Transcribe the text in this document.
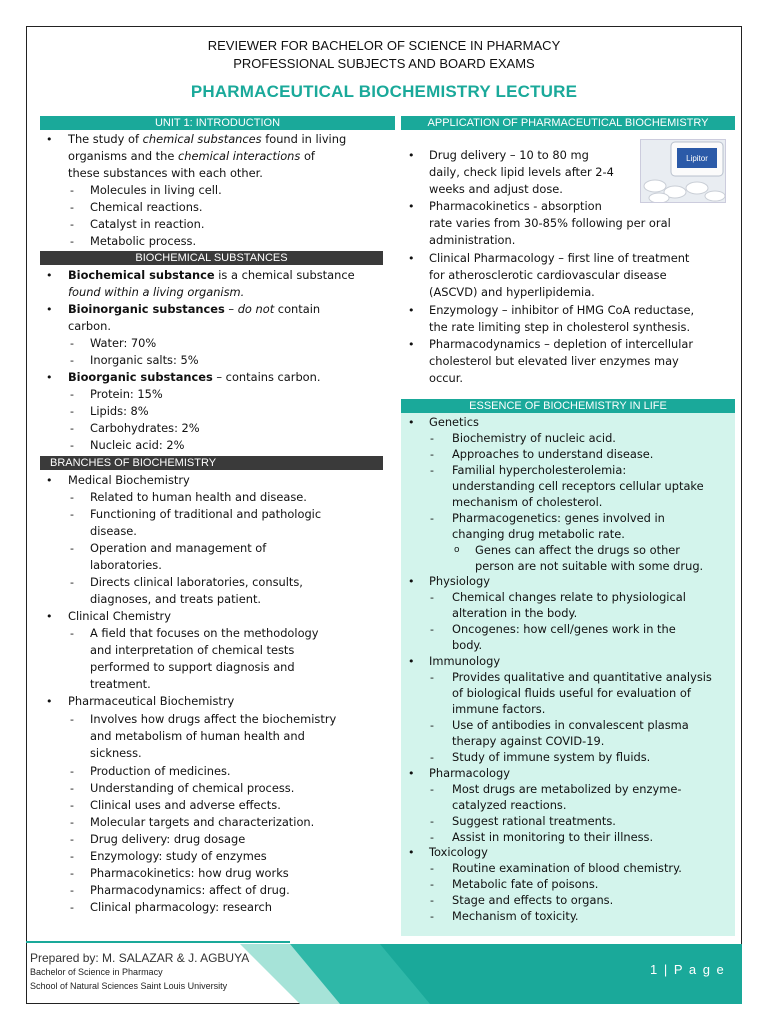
REVIEWER FOR BACHELOR OF SCIENCE IN PHARMACY
PROFESSIONAL SUBJECTS AND BOARD EXAMS
PHARMACEUTICAL BIOCHEMISTRY LECTURE
UNIT 1: INTRODUCTION
• The study of chemical substances found in living
organisms and the chemical interactions of
these substances with each other.
- Molecules in living cell.
- Chemical reactions.
- Catalyst in reaction.
- Metabolic process.
BIOCHEMICAL SUBSTANCES
• Biochemical substance is a chemical substance
found within a living organism.
• Bioinorganic substances – do not contain
carbon.
- Water: 70%
- Inorganic salts: 5%
• Bioorganic substances – contains carbon.
- Protein: 15%
- Lipids: 8%
- Carbohydrates: 2%
- Nucleic acid: 2%
BRANCHES OF BIOCHEMISTRY
• Medical Biochemistry
- Related to human health and disease.
- Functioning of traditional and pathologic
disease.
- Operation and management of
laboratories.
- Directs clinical laboratories, consults,
diagnoses, and treats patient.
• Clinical Chemistry
- A field that focuses on the methodology
and interpretation of chemical tests
performed to support diagnosis and
treatment.
• Pharmaceutical Biochemistry
- Involves how drugs affect the biochemistry
and metabolism of human health and
sickness.
- Production of medicines.
- Understanding of chemical process.
- Clinical uses and adverse effects.
- Molecular targets and characterization.
- Drug delivery: drug dosage
- Enzymology: study of enzymes
- Pharmacokinetics: how drug works
- Pharmacodynamics: affect of drug.
- Clinical pharmacology: research
APPLICATION OF PHARMACEUTICAL BIOCHEMISTRY
Lipitor
• Drug delivery – 10 to 80 mg
daily, check lipid levels after 2-4
weeks and adjust dose.
• Pharmacokinetics - absorption
rate varies from 30-85% following per oral
administration.
• Clinical Pharmacology – first line of treatment
for atherosclerotic cardiovascular disease
(ASCVD) and hyperlipidemia.
• Enzymology – inhibitor of HMG CoA reductase,
the rate limiting step in cholesterol synthesis.
• Pharmacodynamics – depletion of intercellular
cholesterol but elevated liver enzymes may
occur.
ESSENCE OF BIOCHEMISTRY IN LIFE
• Genetics
- Biochemistry of nucleic acid.
- Approaches to understand disease.
- Familial hypercholesterolemia:
understanding cell receptors cellular uptake
mechanism of cholesterol.
- Pharmacogenetics: genes involved in
changing drug metabolic rate.
o Genes can affect the drugs so other
person are not suitable with some drug.
• Physiology
- Chemical changes relate to physiological
alteration in the body.
- Oncogenes: how cell/genes work in the
body.
• Immunology
- Provides qualitative and quantitative analysis
of biological fluids useful for evaluation of
immune factors.
- Use of antibodies in convalescent plasma
therapy against COVID-19.
- Study of immune system by fluids.
• Pharmacology
- Most drugs are metabolized by enzyme-
catalyzed reactions.
- Suggest rational treatments.
- Assist in monitoring to their illness.
• Toxicology
- Routine examination of blood chemistry.
- Metabolic fate of poisons.
- Stage and effects to organs.
- Mechanism of toxicity.
Prepared by: M. SALAZAR & J. AGBUYA
Bachelor of Science in Pharmacy
School of Natural Sciences Saint Louis University
1 | P a g e
